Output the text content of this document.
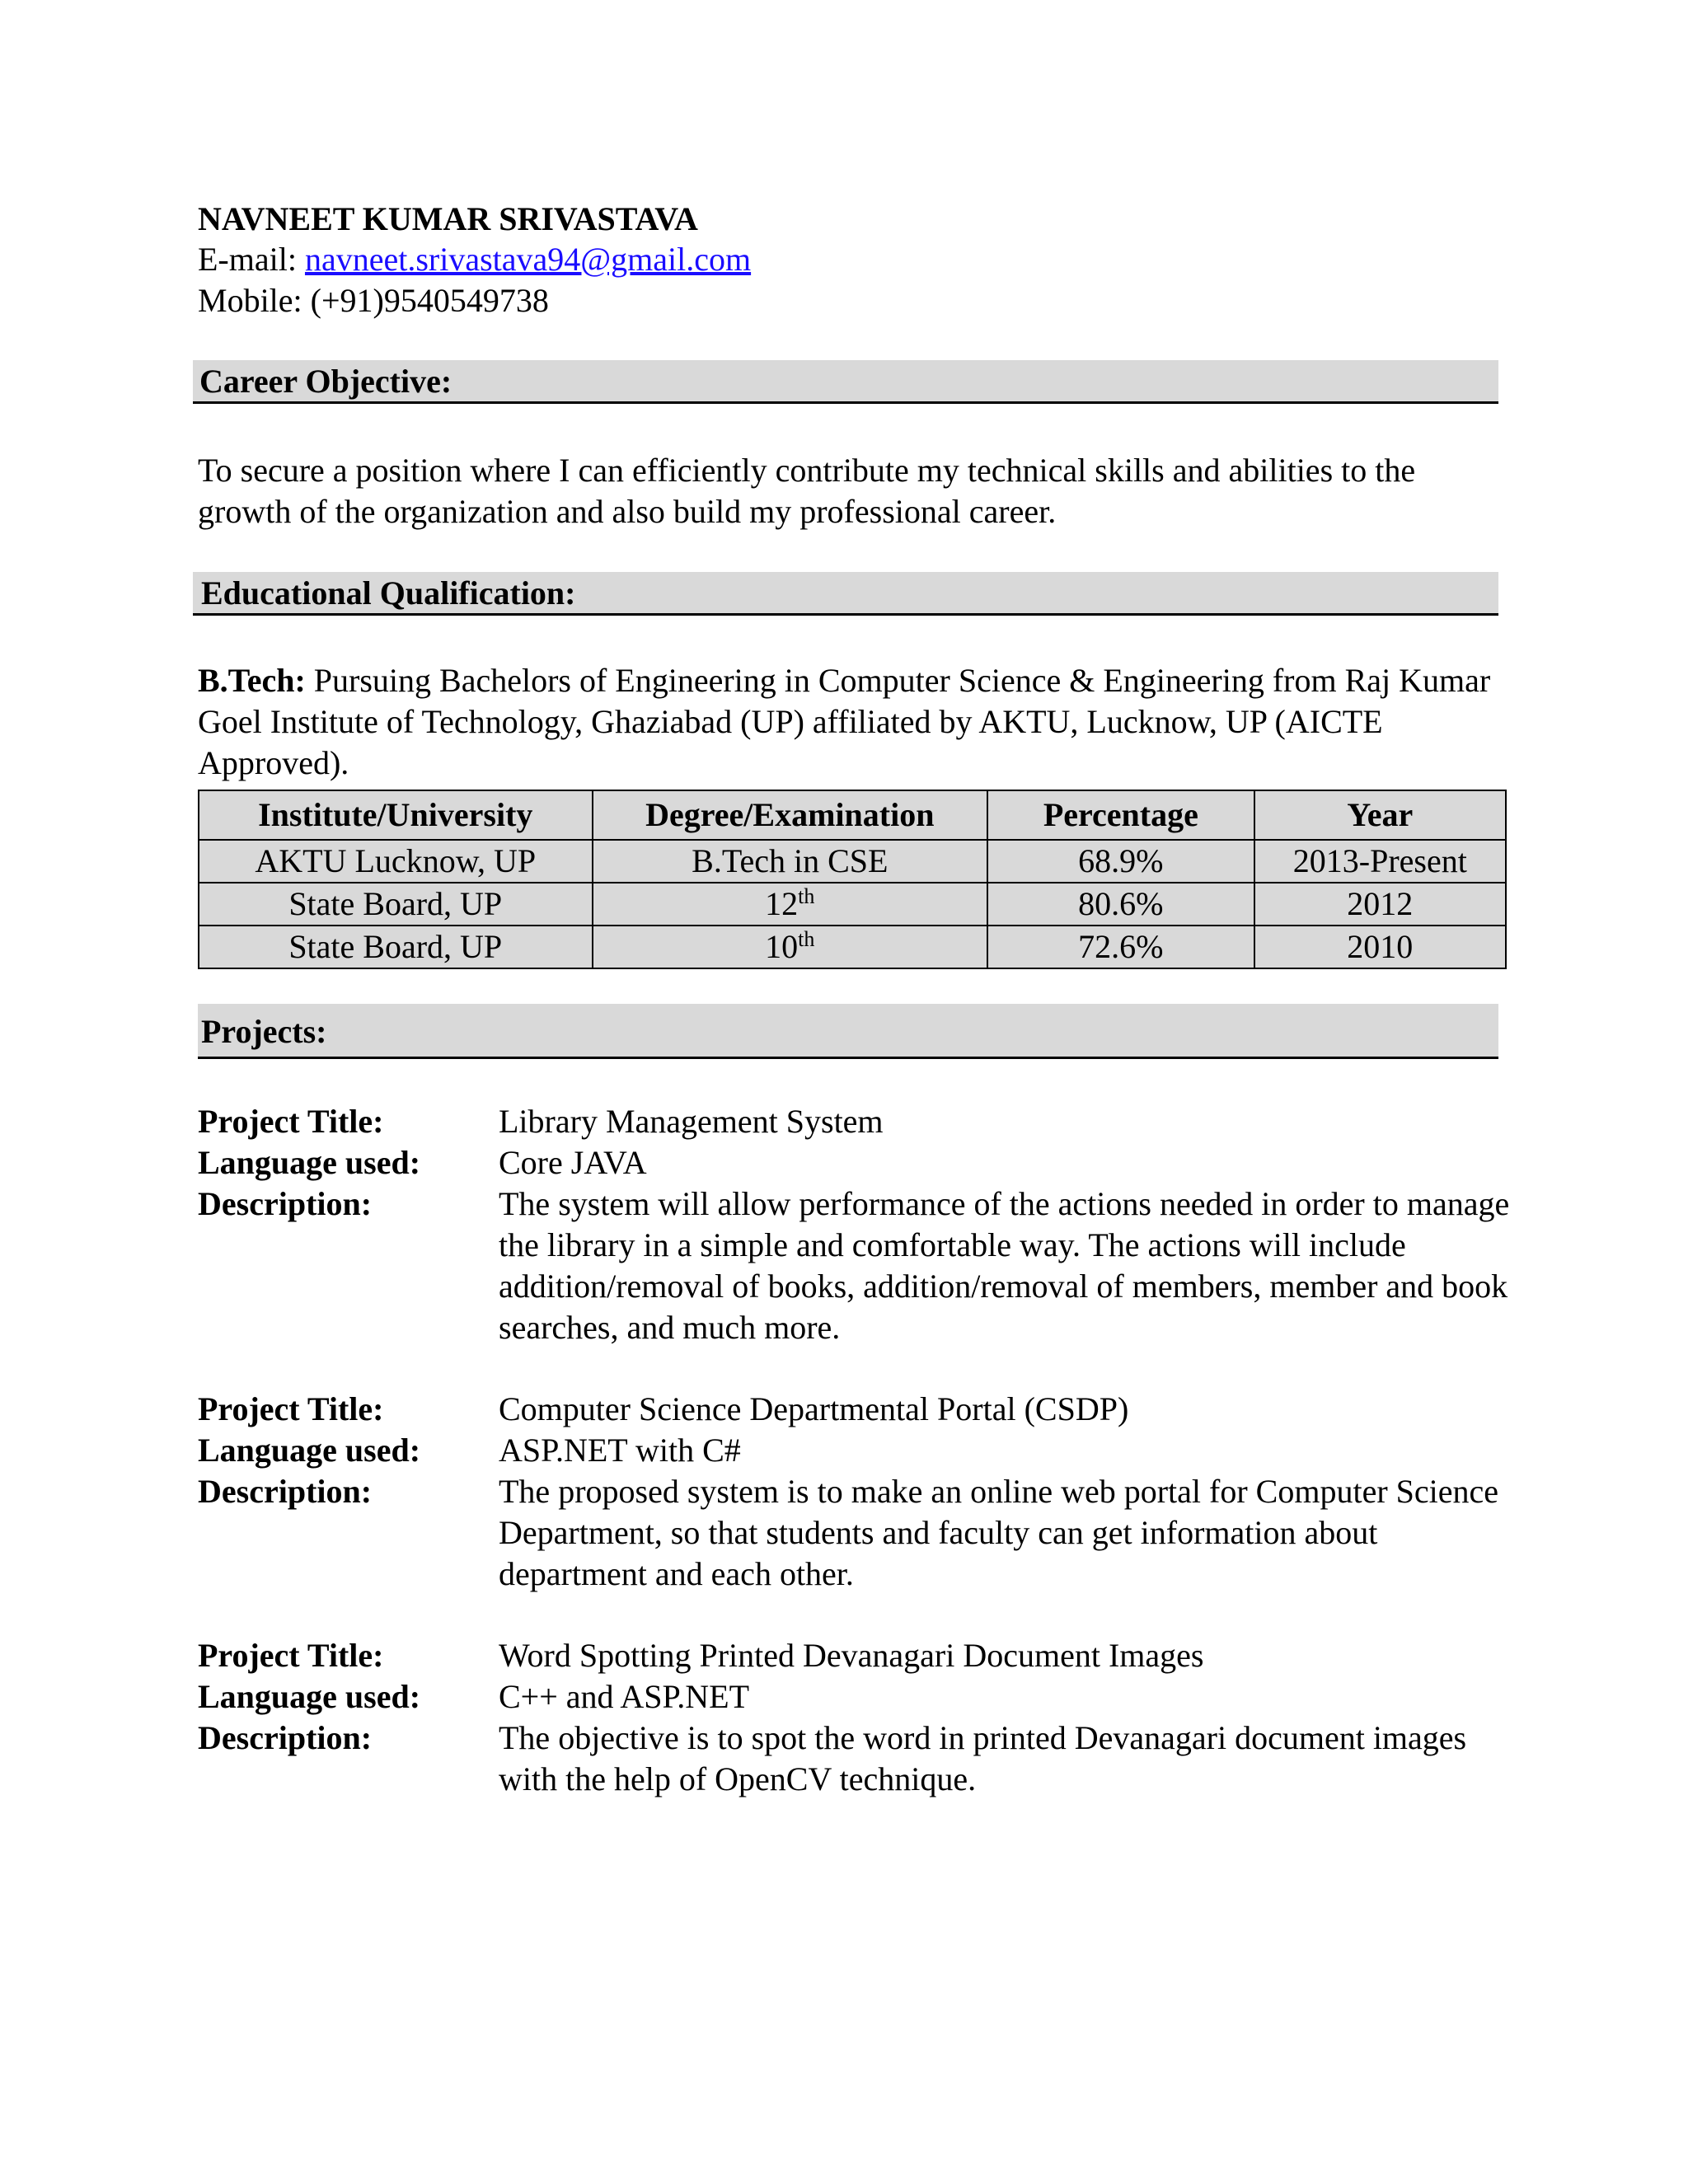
NAVNEET KUMAR SRIVASTAVA
E-mail: navneet.srivastava94@gmail.com
Mobile: (+91)9540549738
Career Objective:
To secure a position where I can efficiently contribute my technical skills and abilities to the growth of the organization and also build my professional career.
Educational Qualification:
B.Tech: Pursuing Bachelors of Engineering in Computer Science & Engineering from Raj Kumar Goel Institute of Technology, Ghaziabad (UP) affiliated by AKTU, Lucknow, UP (AICTE Approved).
Institute/University	Degree/Examination	Percentage	Year
AKTU Lucknow, UP	B.Tech in CSE	68.9%	2013-Present
State Board, UP	12th	80.6%	2012
State Board, UP	10th	72.6%	2010
Projects:
Project Title:	Library Management System
Language used: Core JAVA
Description:	The system will allow performance of the actions needed in order to manage the library in a simple and comfortable way. The actions will include addition/removal of books, addition/removal of members, member and book searches, and much more.
Project Title:	Computer Science Departmental Portal (CSDP)
Language used: ASP.NET with C#
Description:	The proposed system is to make an online web portal for Computer Science Department, so that students and faculty can get information about department and each other.
Project Title:	Word Spotting Printed Devanagari Document Images
Language used: C++ and ASP.NET
Description:	The objective is to spot the word in printed Devanagari document images with the help of OpenCV technique.
